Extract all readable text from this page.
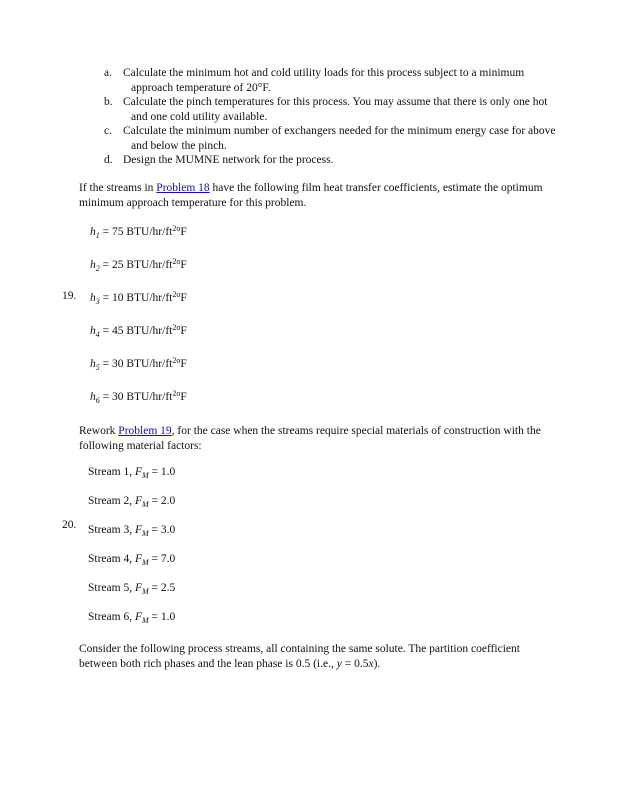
a. Calculate the minimum hot and cold utility loads for this process subject to a minimum
approach temperature of 20°F.
b. Calculate the pinch temperatures for this process. You may assume that there is only one hot
and one cold utility available.
c. Calculate the minimum number of exchangers needed for the minimum energy case for above
and below the pinch.
d. Design the MUMNE network for the process.
If the streams in Problem 18 have the following film heat transfer coefficients, estimate the optimum
minimum approach temperature for this problem.
19.
$h_1 = 75$ BTU/$hr/ft^{2o}F$
$h_2 = 25$ BTU/$hr/ft^{2o}F$
$h_3 = 10$ BTU/$hr/ft^{2o}F$
$h_4 = 45$ BTU/$hr/ft^{2o}F$
$h_5 = 30$ BTU/$hr/ft^{2o}F$
$h_6 = 30$ BTU/$hr/ft^{2o}F$
Rework Problem 19, for the case when the streams require special materials of construction with the
following material factors:
20.
Stream 1, $F_M = 1.0$
Stream 2, $F_M = 2.0$
Stream 3, $F_M = 3.0$
Stream 4, $F_M = 7.0$
Stream 5, $F_M = 2.5$
Stream 6, $F_M = 1.0$
Consider the following process streams, all containing the same solute. The partition coefficient
between both rich phases and the lean phase is 0.5 (i.e., y = 0.5x).
